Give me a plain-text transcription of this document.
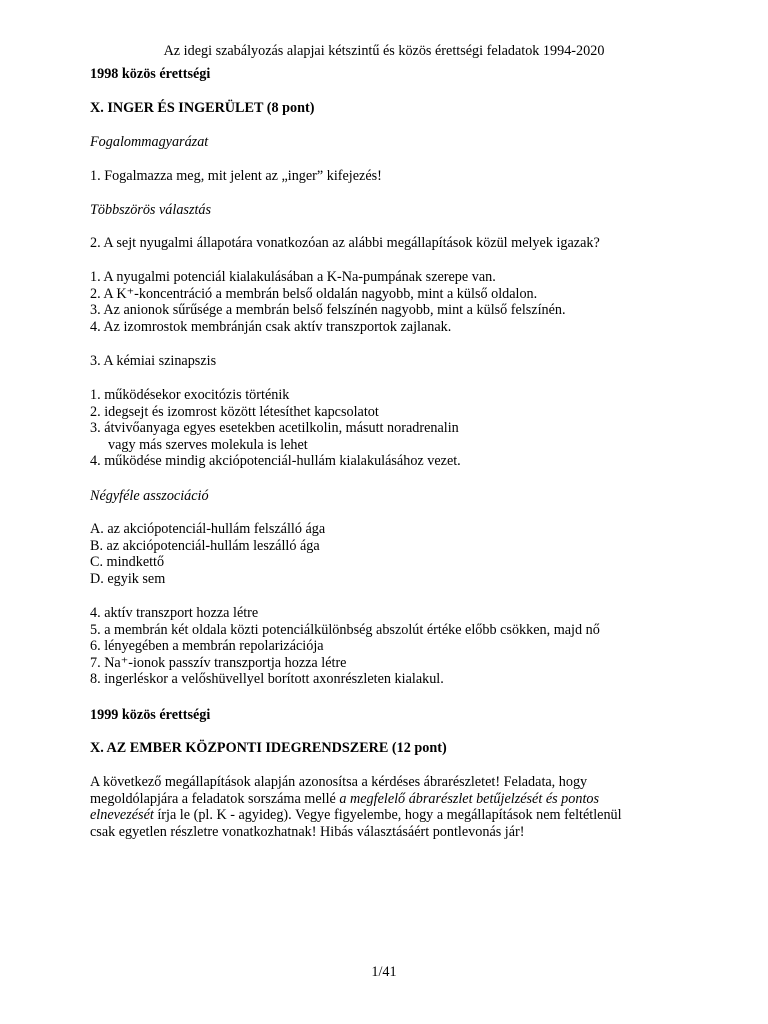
Az idegi szabályozás alapjai kétszintű és közös érettségi feladatok 1994-2020

1998 közös érettségi

X. INGER ÉS INGERÜLET (8 pont)

Fogalommagyarázat

1. Fogalmazza meg, mit jelent az „inger” kifejezés!

Többszörös választás

2. A sejt nyugalmi állapotára vonatkozóan az alábbi megállapítások közül melyek igazak?

1. A nyugalmi potenciál kialakulásában a K-Na-pumpának szerepe van.
2. A K⁺-koncentráció a membrán belső oldalán nagyobb, mint a külső oldalon.
3. Az anionok sűrűsége a membrán belső felszínén nagyobb, mint a külső felszínén.
4. Az izomrostok membránján csak aktív transzportok zajlanak.

3. A kémiai szinapszis

1. működésekor exocitózis történik
2. idegsejt és izomrost között létesíthet kapcsolatot
3. átvivőanyaga egyes esetekben acetilkolin, másutt noradrenalin
vagy más szerves molekula is lehet
4. működése mindig akciópotenciál-hullám kialakulásához vezet.

Négyféle asszociáció

A. az akciópotenciál-hullám felszálló ága
B. az akciópotenciál-hullám leszálló ága
C. mindkettő
D. egyik sem
4. aktív transzport hozza létre
5. a membrán két oldala közti potenciálkülönbség abszolút értéke előbb csökken, majd nő
6. lényegében a membrán repolarizációja
7. Na⁺-ionok passzív transzportja hozza létre
8. ingerléskor a velőshüvellyel borított axonrészleten kialakul.

1999 közös érettségi

X. AZ EMBER KÖZPONTI IDEGRENDSZERE (12 pont)

A következő megállapítások alapján azonosítsa a kérdéses ábrarészletet! Feladata, hogy
megoldólapjára a feladatok sorszáma mellé a megfelelő ábrarészlet betűjelzését és pontos
elnevezését írja le (pl. K - agyideg). Vegye figyelembe, hogy a megállapítások nem feltétlenül
csak egyetlen részletre vonatkozhatnak! Hibás választásáért pontlevonás jár!

1/41
